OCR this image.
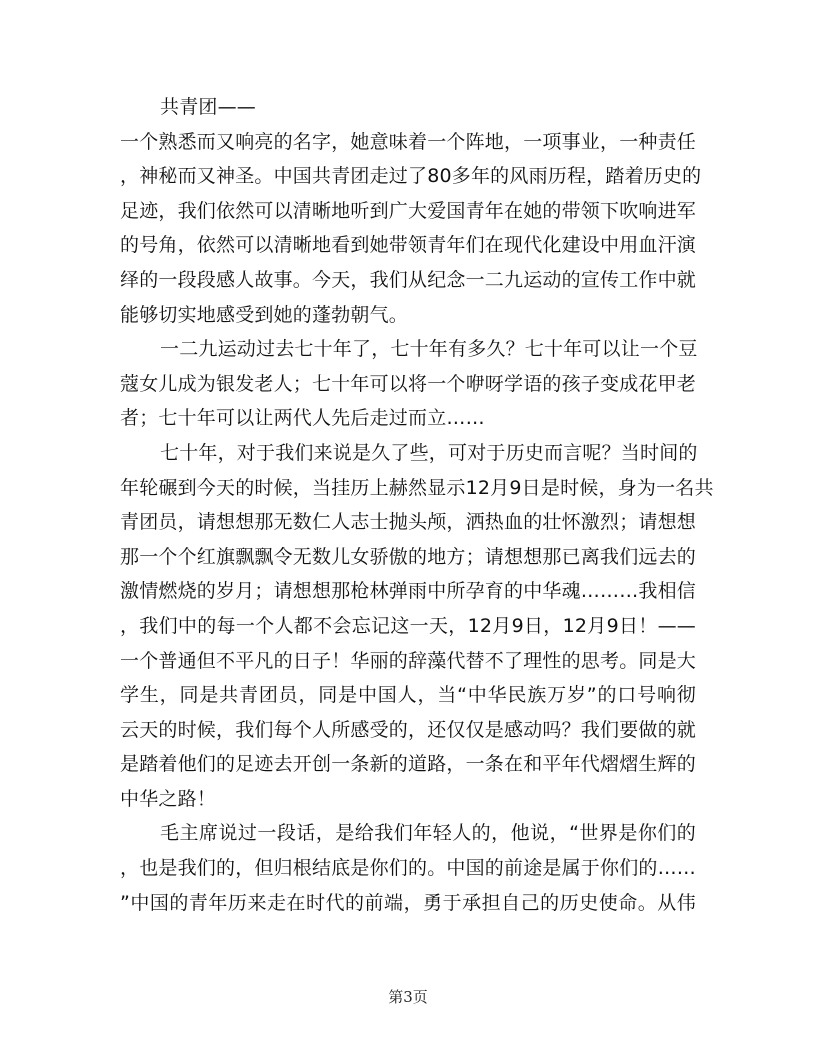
共青团——
一个熟悉而又响亮的名字，她意味着一个阵地，一项事业，一种责任
，神秘而又神圣。中国共青团走过了80多年的风雨历程，踏着历史的
足迹，我们依然可以清晰地听到广大爱国青年在她的带领下吹响进军
的号角，依然可以清晰地看到她带领青年们在现代化建设中用血汗演
绎的一段段感人故事。今天，我们从纪念一二九运动的宣传工作中就
能够切实地感受到她的蓬勃朝气。
一二九运动过去七十年了，七十年有多久？七十年可以让一个豆
蔻女儿成为银发老人；七十年可以将一个咿呀学语的孩子变成花甲老
者；七十年可以让两代人先后走过而立……
七十年，对于我们来说是久了些，可对于历史而言呢？当时间的
年轮碾到今天的时候，当挂历上赫然显示12月9日是时候，身为一名共
青团员，请想想那无数仁人志士抛头颅，洒热血的壮怀激烈；请想想
那一个个红旗飘飘令无数儿女骄傲的地方；请想想那已离我们远去的
激情燃烧的岁月；请想想那枪林弹雨中所孕育的中华魂………我相信
，我们中的每一个人都不会忘记这一天，12月9日，12月9日！——
一个普通但不平凡的日子！华丽的辞藻代替不了理性的思考。同是大
学生，同是共青团员，同是中国人，当“中华民族万岁”的口号响彻
云天的时候，我们每个人所感受的，还仅仅是感动吗？我们要做的就
是踏着他们的足迹去开创一条新的道路，一条在和平年代熠熠生辉的
中华之路！
毛主席说过一段话，是给我们年轻人的，他说，“世界是你们的
，也是我们的，但归根结底是你们的。中国的前途是属于你们的……
”中国的青年历来走在时代的前端，勇于承担自己的历史使命。从伟
第3页
